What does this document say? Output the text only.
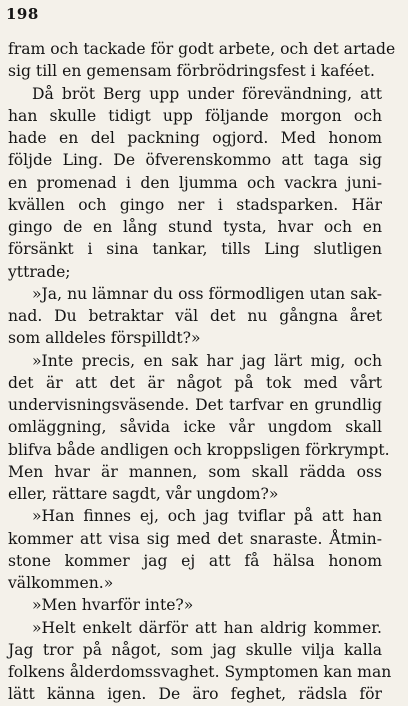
198
fram och tackade för godt arbete, och det artade
sig till en gemensam förbrödringsfest i kaféet.
Då bröt Berg upp under förevändning, att
han skulle tidigt upp följande morgon och
hade en del packning ogjord. Med honom
följde Ling. De öfverenskommo att taga sig
en promenad i den ljumma och vackra juni-
kvällen och gingo ner i stadsparken. Här
gingo de en lång stund tysta, hvar och en
försänkt i sina tankar, tills Ling slutligen
yttrade;
»Ja, nu lämnar du oss förmodligen utan sak-
nad. Du betraktar väl det nu gångna året
som alldeles förspilldt?»
»Inte precis, en sak har jag lärt mig, och
det är att det är något på tok med vårt
undervisningsväsende. Det tarfvar en grundlig
omläggning, såvida icke vår ungdom skall
blifva både andligen och kroppsligen förkrympt.
Men hvar är mannen, som skall rädda oss
eller, rättare sagdt, vår ungdom?»
»Han finnes ej, och jag tviflar på att han
kommer att visa sig med det snaraste. Åtmin-
stone kommer jag ej att få hälsa honom
välkommen.»
»Men hvarför inte?»
»Helt enkelt därför att han aldrig kommer.
Jag tror på något, som jag skulle vilja kalla
folkens ålderdomssvaghet. Symptomen kan man
lätt känna igen. De äro feghet, rädsla för
